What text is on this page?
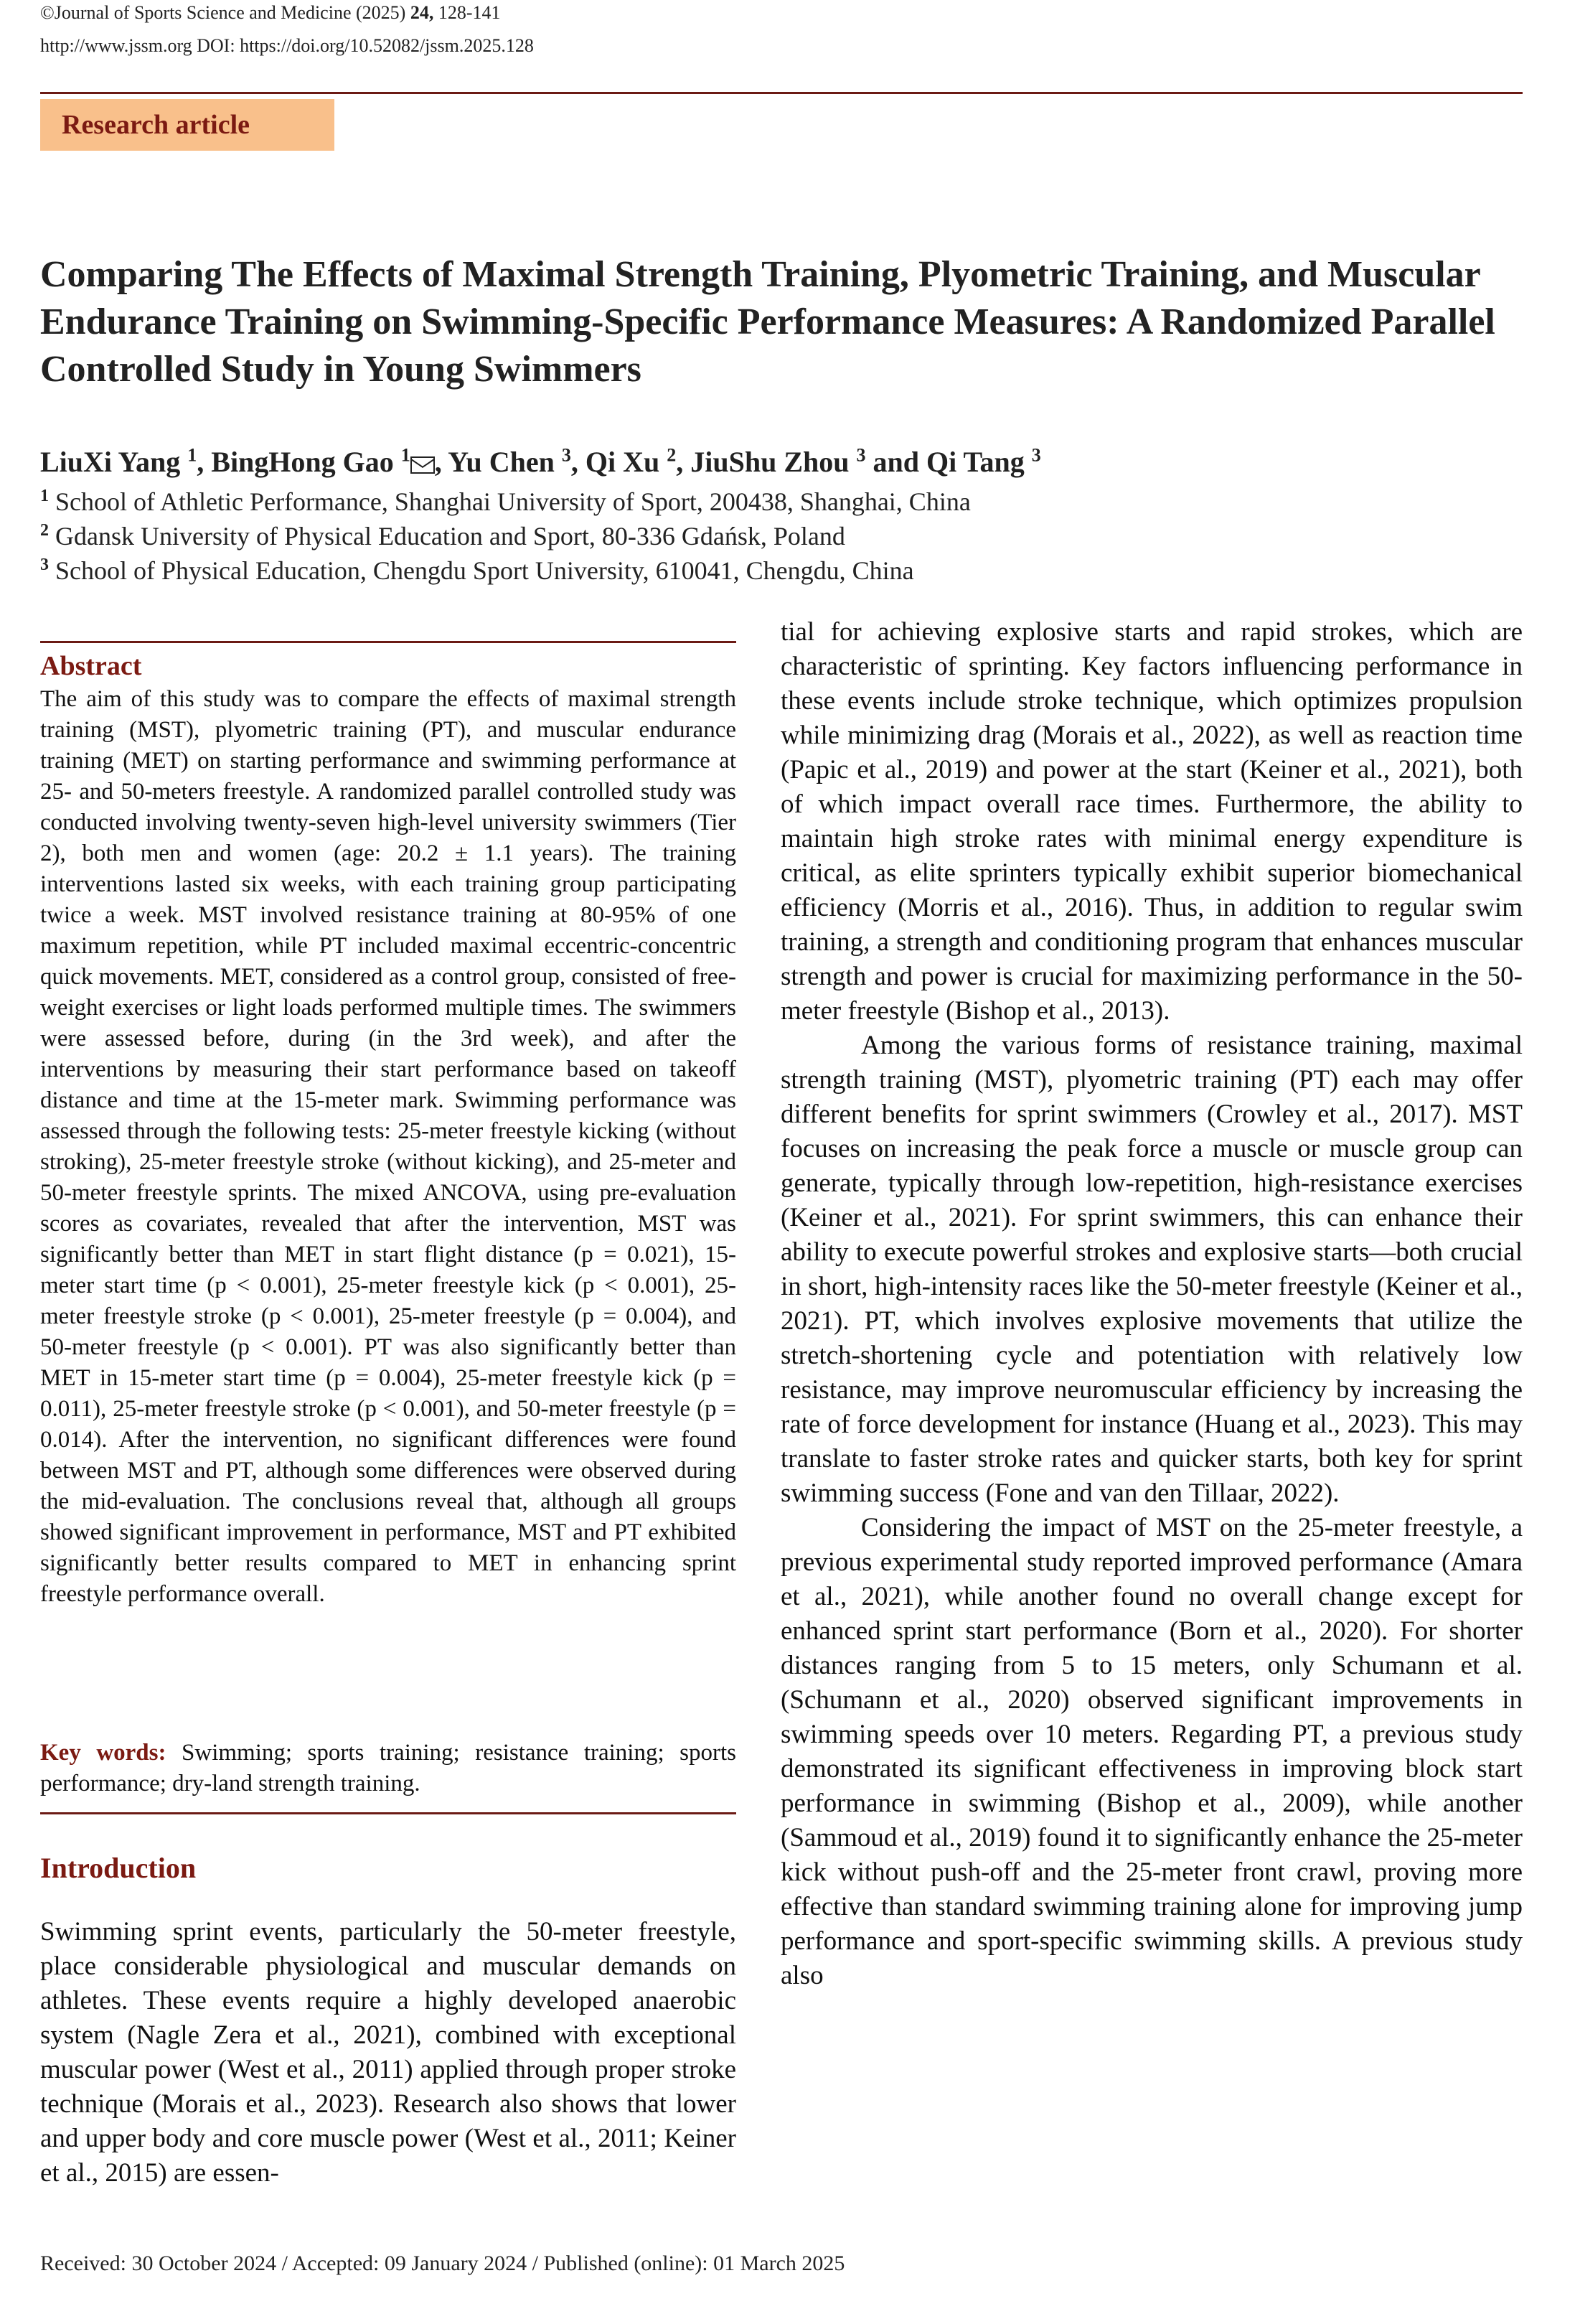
©Journal of Sports Science and Medicine (2025) 24, 128-141
http://www.jssm.org DOI: https://doi.org/10.52082/jssm.2025.128
Research article
Comparing The Effects of Maximal Strength Training, Plyometric Training, and Muscular Endurance Training on Swimming-Specific Performance Measures: A Randomized Parallel Controlled Study in Young Swimmers
LiuXi Yang $^1$, BingHong Gao $^1$ , Yu Chen $^3$, Qi Xu $^2$, JiuShu Zhou $^3$ and Qi Tang $^3$
$^1$ School of Athletic Performance, Shanghai University of Sport, 200438, Shanghai, China
$^2$ Gdansk University of Physical Education and Sport, 80-336 Gdańsk, Poland
$^3$ School of Physical Education, Chengdu Sport University, 610041, Chengdu, China
Abstract
The aim of this study was to compare the effects of maximal strength training (MST), plyometric training (PT), and muscular endurance training (MET) on starting performance and swimming performance at 25- and 50-meters freestyle. A randomized parallel controlled study was conducted involving twenty-seven high-level university swimmers (Tier 2), both men and women (age: 20.2 ± 1.1 years). The training interventions lasted six weeks, with each training group participating twice a week. MST involved resistance training at 80-95% of one maximum repetition, while PT included maximal eccentric-concentric quick movements. MET, considered as a control group, consisted of free-weight exercises or light loads performed multiple times. The swimmers were assessed before, during (in the 3rd week), and after the interventions by measuring their start performance based on takeoff distance and time at the 15-meter mark. Swimming performance was assessed through the following tests: 25-meter freestyle kicking (without stroking), 25-meter freestyle stroke (without kicking), and 25-meter and 50-meter freestyle sprints. The mixed ANCOVA, using pre-evaluation scores as covariates, revealed that after the intervention, MST was significantly better than MET in start flight distance (p = 0.021), 15-meter start time (p < 0.001), 25-meter freestyle kick (p < 0.001), 25-meter freestyle stroke (p < 0.001), 25-meter freestyle (p = 0.004), and 50-meter freestyle (p < 0.001). PT was also significantly better than MET in 15-meter start time (p = 0.004), 25-meter freestyle kick (p = 0.011), 25-meter freestyle stroke (p < 0.001), and 50-meter freestyle (p = 0.014). After the intervention, no significant differences were found between MST and PT, although some differences were observed during the mid-evaluation. The conclusions reveal that, although all groups showed significant improvement in performance, MST and PT exhibited significantly better results compared to MET in enhancing sprint freestyle performance overall.
Key words: Swimming; sports training; resistance training; sports performance; dry-land strength training.
Introduction
Swimming sprint events, particularly the 50-meter freestyle, place considerable physiological and muscular demands on athletes. These events require a highly developed anaerobic system (Nagle Zera et al., 2021), combined with exceptional muscular power (West et al., 2011) applied through proper stroke technique (Morais et al., 2023). Research also shows that lower and upper body and core muscle power (West et al., 2011; Keiner et al., 2015) are essen-

tial for achieving explosive starts and rapid strokes, which are characteristic of sprinting. Key factors influencing performance in these events include stroke technique, which optimizes propulsion while minimizing drag (Morais et al., 2022), as well as reaction time (Papic et al., 2019) and power at the start (Keiner et al., 2021), both of which impact overall race times. Furthermore, the ability to maintain high stroke rates with minimal energy expenditure is critical, as elite sprinters typically exhibit superior biomechanical efficiency (Morris et al., 2016). Thus, in addition to regular swim training, a strength and conditioning program that enhances muscular strength and power is crucial for maximizing performance in the 50-meter freestyle (Bishop et al., 2013).

Among the various forms of resistance training, maximal strength training (MST), plyometric training (PT) each may offer different benefits for sprint swimmers (Crowley et al., 2017). MST focuses on increasing the peak force a muscle or muscle group can generate, typically through low-repetition, high-resistance exercises (Keiner et al., 2021). For sprint swimmers, this can enhance their ability to execute powerful strokes and explosive starts—both crucial in short, high-intensity races like the 50-meter freestyle (Keiner et al., 2021). PT, which involves explosive movements that utilize the stretch-shortening cycle and potentiation with relatively low resistance, may improve neuromuscular efficiency by increasing the rate of force development for instance (Huang et al., 2023). This may translate to faster stroke rates and quicker starts, both key for sprint swimming success (Fone and van den Tillaar, 2022).

Considering the impact of MST on the 25-meter freestyle, a previous experimental study reported improved performance (Amara et al., 2021), while another found no overall change except for enhanced sprint start performance (Born et al., 2020). For shorter distances ranging from 5 to 15 meters, only Schumann et al. (Schumann et al., 2020) observed significant improvements in swimming speeds over 10 meters. Regarding PT, a previous study demonstrated its significant effectiveness in improving block start performance in swimming (Bishop et al., 2009), while another (Sammoud et al., 2019) found it to significantly enhance the 25-meter kick without push-off and the 25-meter front crawl, proving more effective than standard swimming training alone for improving jump performance and sport-specific swimming skills. A previous study also

Received: 30 October 2024 / Accepted: 09 January 2024 / Published (online): 01 March 2025
